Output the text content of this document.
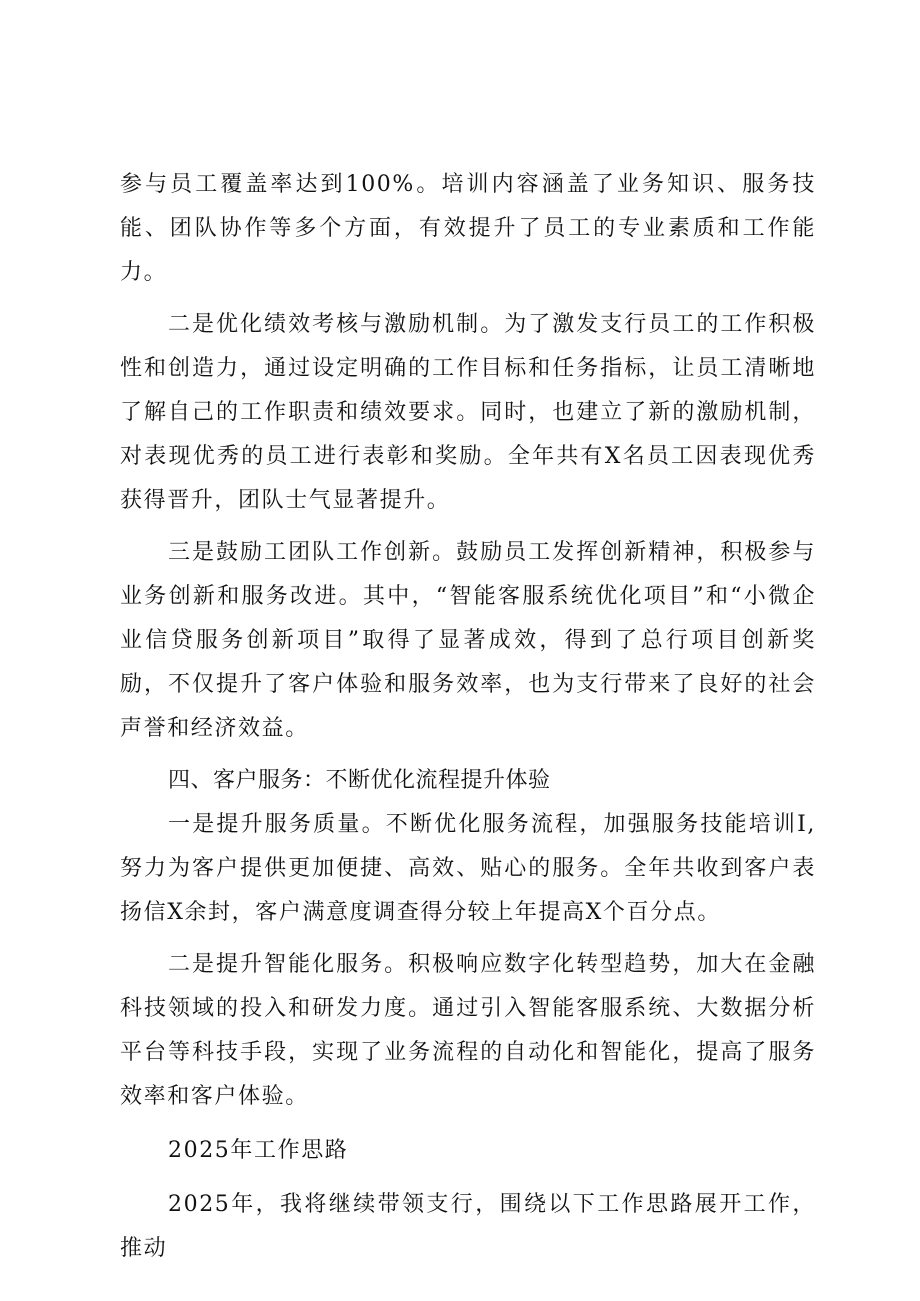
参与员工覆盖率达到100%。培训内容涵盖了业务知识、服务技能、团队协作等多个方面，有效提升了员工的专业素质和工作能力。

二是优化绩效考核与激励机制。为了激发支行员工的工作积极性和创造力，通过设定明确的工作目标和任务指标，让员工清晰地了解自己的工作职责和绩效要求。同时，也建立了新的激励机制，对表现优秀的员工进行表彰和奖励。全年共有X名员工因表现优秀获得晋升，团队士气显著提升。

三是鼓励工团队工作创新。鼓励员工发挥创新精神，积极参与业务创新和服务改进。其中，“智能客服系统优化项目”和“小微企业信贷服务创新项目”取得了显著成效，得到了总行项目创新奖励，不仅提升了客户体验和服务效率，也为支行带来了良好的社会声誉和经济效益。

四、客户服务：不断优化流程提升体验

一是提升服务质量。不断优化服务流程，加强服务技能培训I,努力为客户提供更加便捷、高效、贴心的服务。全年共收到客户表扬信X余封，客户满意度调查得分较上年提高X个百分点。

二是提升智能化服务。积极响应数字化转型趋势，加大在金融科技领域的投入和研发力度。通过引入智能客服系统、大数据分析平台等科技手段，实现了业务流程的自动化和智能化，提高了服务效率和客户体验。

2025年工作思路

2025年，我将继续带领支行，围绕以下工作思路展开工作，推动
